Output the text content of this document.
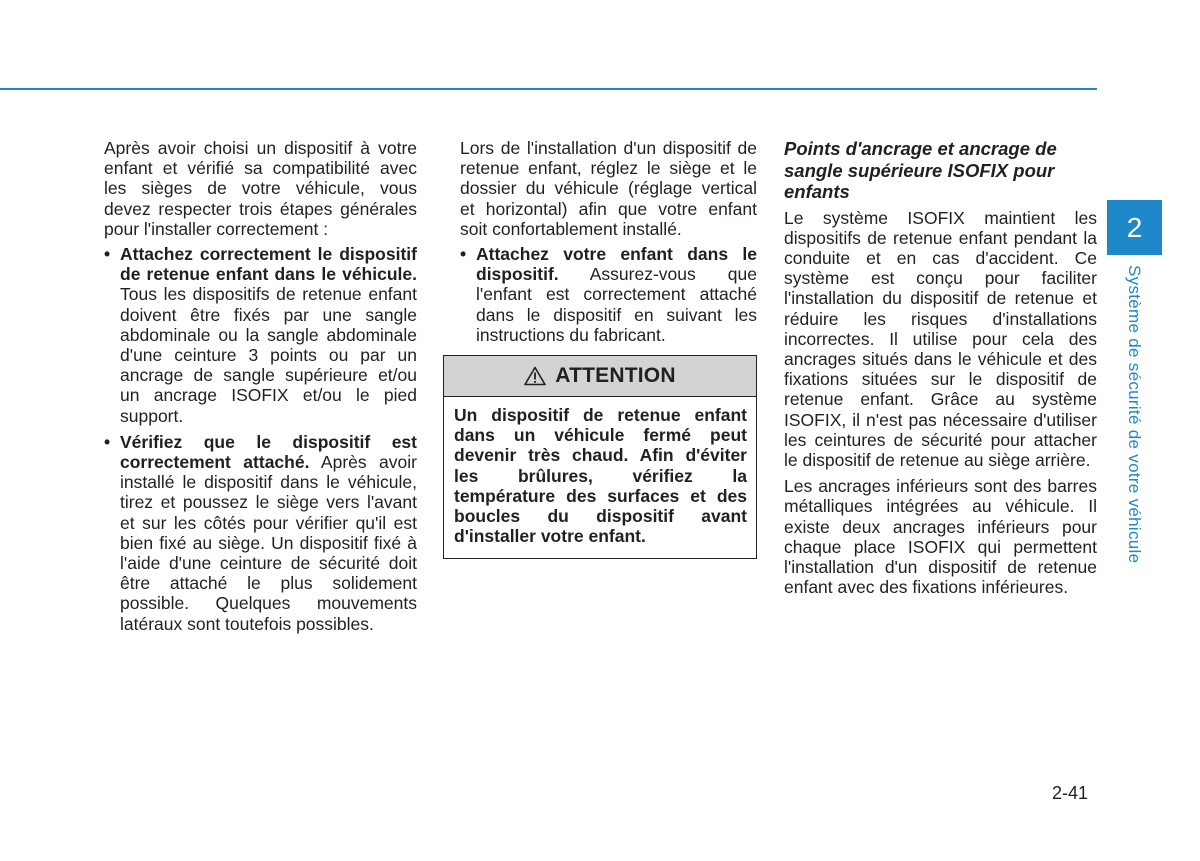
Après avoir choisi un dispositif à votre enfant et vérifié sa compatibilité avec les sièges de votre véhicule, vous devez respecter trois étapes générales pour l'installer correctement :

• Attachez correctement le dispositif de retenue enfant dans le véhicule. Tous les dispositifs de retenue enfant doivent être fixés par une sangle abdominale ou la sangle abdominale d'une ceinture 3 points ou par un ancrage de sangle supérieure et/ou un ancrage ISOFIX et/ou le pied support.
• Vérifiez que le dispositif est correctement attaché. Après avoir installé le dispositif dans le véhicule, tirez et poussez le siège vers l'avant et sur les côtés pour vérifier qu'il est bien fixé au siège. Un dispositif fixé à l'aide d'une ceinture de sécurité doit être attaché le plus solidement possible. Quelques mouvements latéraux sont toutefois possibles.

Lors de l'installation d'un dispositif de retenue enfant, réglez le siège et le dossier du véhicule (réglage vertical et horizontal) afin que votre enfant soit confortablement installé.

• Attachez votre enfant dans le dispositif. Assurez-vous que l'enfant est correctement attaché dans le dispositif en suivant les instructions du fabricant.
ATTENTION
Un dispositif de retenue enfant dans un véhicule fermé peut devenir très chaud. Afin d'éviter les brûlures, vérifiez la température des surfaces et des boucles du dispositif avant d'installer votre enfant.
Points d'ancrage et ancrage de sangle supérieure ISOFIX pour enfants

Le système ISOFIX maintient les dispositifs de retenue enfant pendant la conduite et en cas d'accident. Ce système est conçu pour faciliter l'installation du dispositif de retenue et réduire les risques d'installations incorrectes. Il utilise pour cela des ancrages situés dans le véhicule et des fixations situées sur le dispositif de retenue enfant. Grâce au système ISOFIX, il n'est pas nécessaire d'utiliser les ceintures de sécurité pour attacher le dispositif de retenue au siège arrière.

Les ancrages inférieurs sont des barres métalliques intégrées au véhicule. Il existe deux ancrages inférieurs pour chaque place ISOFIX qui permettent l'installation d'un dispositif de retenue enfant avec des fixations inférieures.

2
Système de sécurité de votre véhicule
2-41
